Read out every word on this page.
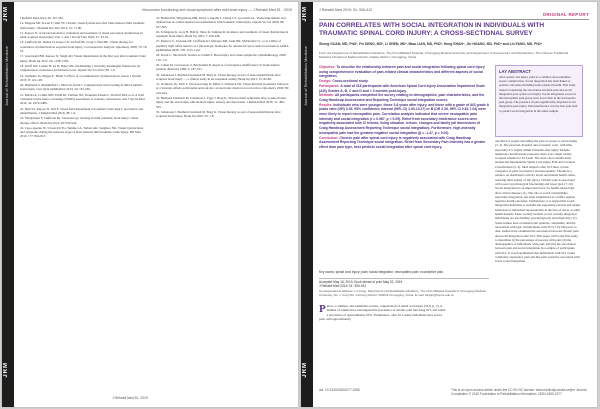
JRM
Journal of Rehabilitation Medicine
JRM
Visuomotor functioning and visual symptoms after mild brain injury — J Rehabil Med 51 · 2019

J Rehabil Med 2014; 46: 327-332.

14. Magone MT, Kwon E, Shin SY. Chronic visual dysfunction after blast-induced mild traumatic brain injury. J Rehabil Res Dev 2014; 51: 71-80.

15. Kapoor N. A forward model for evaluation and treatment of visual perceptual dysfunction in adult acquired brain injury. Part 1. Am J Occup Ther 2003; 47: 43-54.

16. Ciuffreda KJ, Rutner D, Kapoor N, Suchoff IB, Craig S, Han ME. Vision therapy for oculomotor dysfunctions in acquired brain injury: a retrospective analysis. Optometry 2008; 79: 18-22.

17. Greenwald BD, Kapoor N, Singh AD. Visual impairments in the first year after traumatic brain injury. Brain Inj 2012; 26: 1338-1359.

18. Wolff AW, Ladner H, Lu B, Haug WR. Establishing a clinically meaningful framework for computerized oculomotor performance tests. Optom Vis Sci 2012; 89: 1-9.

19. Vallhakis JG, Blagaz E, Hsieh S. Effect of accommodative dysfunctions in vision. J Optom 2015; 8: 121-128.

20. Heitmann S, Brahmbhatt C, Dinca R, Kohn J. Computerized vision testing in mild traumatic brain injury. Curr Opin Ophthalmol 2013; 24: 181-186.

21. Mucha A, Collins MW, Elbin RJ, Furman JM, Troutman-Enseki C, DeWolf RM, et al. A brief vestibular/ocular motor screening (VOMS) assessment to evaluate concussions. Am J Sports Med 2014; 42: 2479-2486.

22. Shin SS, Kapoor N, Peli E. Visual field impairment in traumatic brain injury: prevalence and rehabilitation. J Rehabil Med 2016; 48: 1-9.

23. Thiagarajan P, Ciuffreda KJ. Versional eye tracking in mild traumatic brain injury: vision therapy effects. Brain Inj 2014; 28: 930-943.

24. Capo-Aponte JE, Urosevich TG, Temme LA, Tarbett AK, Sanghera NK. Visual dysfunctions and symptoms during the subacute stage of blast-induced mild traumatic brain injury. Mil Med 2012; 177: 804-813.

25. Brahm KD, Wilgenburg HM, Kirby J, Ingalla S, Chang CY, Goodrich GL. Visual impairment and dysfunction in combat-injured servicemembers with traumatic brain injury. Optom Vis Sci 2009; 86: 817-825.

26. Schlageter K, Gray B, Hall K, Shaw R, Sammet R. Incidence and treatment of visual dysfunction in traumatic brain injury. Brain Inj 1993; 7: 439-448.

27. Master CL, Podolak OE, Ciuffreda KJ, Metzger KB, Joshi NR, McDonald CC, et al. Utility of pupillary light reflex metrics as a physiologic biomarker for adolescent sport-related concussion. JAMA Ophthalmol 2020; 138: 1135-1141.

28. Kwan C, Sherwin R, Davies A, Parikh S. Head injury and visual symptoms. Ophthalmology 2009; 116: 1-9.

29. Cohen M, Groswasser Z, Barchadski R, Appel A. Convergence insufficiency in brain-injured patients. Brain Inj 1989; 3: 187-191.

30. Johansson J, Berthold Lindstedt M, Borg K. Vision therapy as part of neurorehabilitation after acquired brain injury — a clinical study in an outpatient setting. Brain Inj 2021; 35: 82-89.

31. Stelmack JA, Frith T, Van Koevering D, Rinne S, Stelmack TR. Visual function in patients followed at a Veterans Affairs polytrauma network site: an electronic medical record review. Optometry 2009; 80: 419-424.

32. Berthold Lindstedt M, Johansson J, Ygge J, Borg K. Vision-related symptoms after acquired brain injury and the association with mental fatigue, anxiety and depression. J Rehabil Med 2019; 51: 499-505.

33. Johansson J, Berthold Lindstedt M, Borg K. Vision therapy as part of neurorehabilitation after acquired brain injury. Brain Inj 2020; 34: 1-8.

J Rehabil Med 51, 2019
JRM
Journal of Rehabilitation Medicine
JRM
J Rehabil Med 2019; 51: 906-912
ORIGINAL REPORT
PAIN CORRELATES WITH SOCIAL INTEGRATION IN INDIVIDUALS WITH TRAUMATIC SPINAL CORD INJURY: A CROSS-SECTIONAL SURVEY

Sheng GUAN, MD, PhD¹, Fei DENG, MD², Li SHEN, MD³, Miao LIAN, MD, PhD¹, Heng SHAN⁴, Jin HUANG, MD, PhD¹ and Lin FANG, MD, PhD⁵

From the Department of Rehabilitation Medicine, The First Affiliated Hospital, Chongqing Medical University and Department of Acupuncture and Moxibustion, The Chinese Traditional Medicine Hospital of Dadian District, Dadian District, Chongqing, China

Objective: To describe the relationship between pain and social integration following spinal cord injury using comprehensive evaluation of pain-related clinical characteristics and different aspects of social integration.
Design: Cross-sectional study.
Participants: A total of 318 participants with American Spinal Cord Injury Association Impairment Scale (AIS) Grades A, B, C and D and > 3 months post-injury.
Methods: All participants completed the survey relating to demographics, pain characteristics, and the Craig Handicap Assessment and Reporting Technique social integration scores.
Results: Individuals who were younger, those 3-6 years after injury, and those with a grade of AIS grade A (odds ratio (OR) 0.35, 95% confidence interval (95% CI) 1.93-13.27) or B (OR 2.26, 95% CI 0.81-7.04) were more likely to report neuropathic pain. Correlation analysis indicated that severe neuropathic pain intensity and social integration (r = 0.987, p < 0.05). Relief from secondary intolerance scores were negatively associated with CI friends, living situation, leisure, changes and family (all dimensions of Craig Handicap Assessment Reporting Technique social integration). Furthermore, high-intensity neuropathic pain had the greatest negative social integration (β = -1.47, p = 0.02).
Conclusion: Chronic pain after spinal cord injury is negatively associated with Craig Handicap Assessment Reporting Technique social integration. Relief from Secondary Pain Intensity has a greater effect than pain type, best predicts social integration after spinal cord injury.

Key words: spinal cord injury; pain; social integration; neuropathic pain; nociceptive pain.

Accepted May 16, 2019; Epub ahead of print May 22, 2019

J Rehabil Med 2019; 51: 906-912

Correspondence address: Lin Fang, Department of Rehabilitation Medicine, The First Affiliated Hospital of Chongqing Medical University, No. 1 Youyi Rd, Yuzhong District, 400016 Chongqing, China. E-mail: fanglin@cqmu.edu.cn

LAY ABSTRACT
After spinal cord injury, pain is a common and sometimes severe complication. Social integration has been linked to positive outcomes including better physical health. This study aimed at exploring the association between pain and social integration post spinal cord injury. Social integration scores in the neuropathic pain group were lower than in the nociceptive pain group. The presence of pain significantly impaired social integration post-injury. Pain interference was the best pain item to predict social integration in the entire sample.

Pain is a common, and sometimes serious, complication of spinal cord injury (SCI) (1, 2). A number of studies have investigated the prevalence of chronic pain following SCI, and found a prevalence of approximately 60%. Furthermore, after SCI, many individuals have severe pain, with approximately

one-third of people describing the pain as severe or excruciating (3, 4). The personal, hospital, and economic costs, with time, especially if it begins within 6 months after injury. Despite numerous classifications proposed, there is no single widely accepted scheme for SCI pain. The most cited classification include the International Spinal Cord Injury Pain and Cardarea Classification (5, 6). Most subjects after SCI show 2 basic categories of pain: nociceptive and neuropathic. Therefore a reliance on individual's activity levels and mental health status, reducing their quality of life (QoL). Chronic pain is associated with poorer psychological functioning and lower QoL (7-10). Social integration is an important factor for health-related QoL after critical disease (11). The role of social relationships, especially integration, has been emphasized as a buffer against negative health outcomes. Furthermore, it is argued that social integration maintains or sustains the supporting persons and adapts behaviour of individual representation in the face of stress or other health hazards. More socially isolated or less socially integrated individuals are less healthy, psychologically and physically (11). Some studies have evaluated pain patterns, complaints, and the association with QoL in individuals with SCI (7-9). However, to date, studies have examined the association between chronic pain and social integration after SCI. This paper will be the first study to determine (i) the percentage of persons with pain; (ii) the demographics of individuals with pain; and (iii) the association between pain and social integration in a sample of participants with SCI. It was hypothesized that individuals with SCI would commonly experience pain and that pain would be associated with lower social integration.

doi: 10.2340/16501977-2596	This is an open access article under the CC BY-NC license. www.medicaljournals.se/jrm Journal Compilation © 2019 Foundation of Rehabilitation Information. ISSN 1650-1977
